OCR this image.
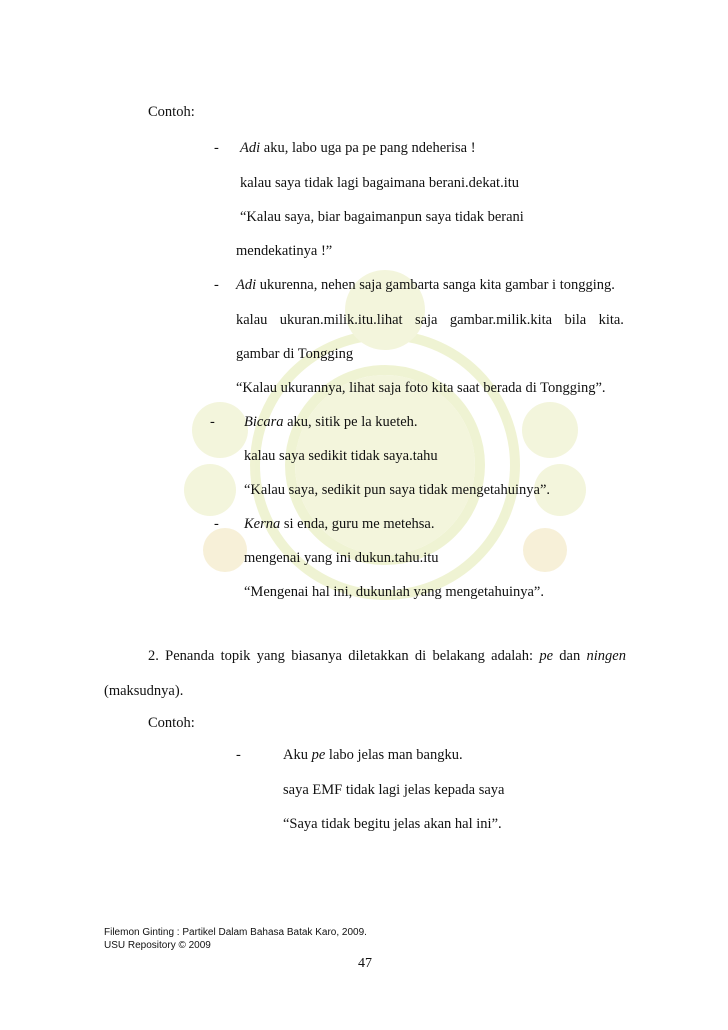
Contoh:
- Adi aku, labo uga pa pe pang ndeherisa !
kalau saya tidak lagi bagaimana berani.dekat.itu
“Kalau saya, biar bagaimanpun saya tidak berani
mendekatinya !”
- Adi ukurenna, nehen saja gambarta sanga kita gambar i tongging.
kalau ukuran.milik.itu.lihat saja gambar.milik.kita bila kita.
gambar di Tongging
“Kalau ukurannya, lihat saja foto kita saat berada di Tongging”.
- Bicara aku, sitik pe la kueteh.
kalau saya sedikit tidak saya.tahu
“Kalau saya, sedikit pun saya tidak mengetahuinya”.
- Kerna si enda, guru me metehsa.
mengenai yang ini dukun.tahu.itu
“Mengenai hal ini, dukunlah yang mengetahuinya”.
2. Penanda topik yang biasanya diletakkan di belakang adalah: pe dan ningen
(maksudnya).
Contoh:
-	Aku pe labo jelas man bangku.
saya EMF tidak lagi jelas kepada saya
“Saya tidak begitu jelas akan hal ini”.
Filemon Ginting : Partikel Dalam Bahasa Batak Karo, 2009.
USU Repository © 2009
47
